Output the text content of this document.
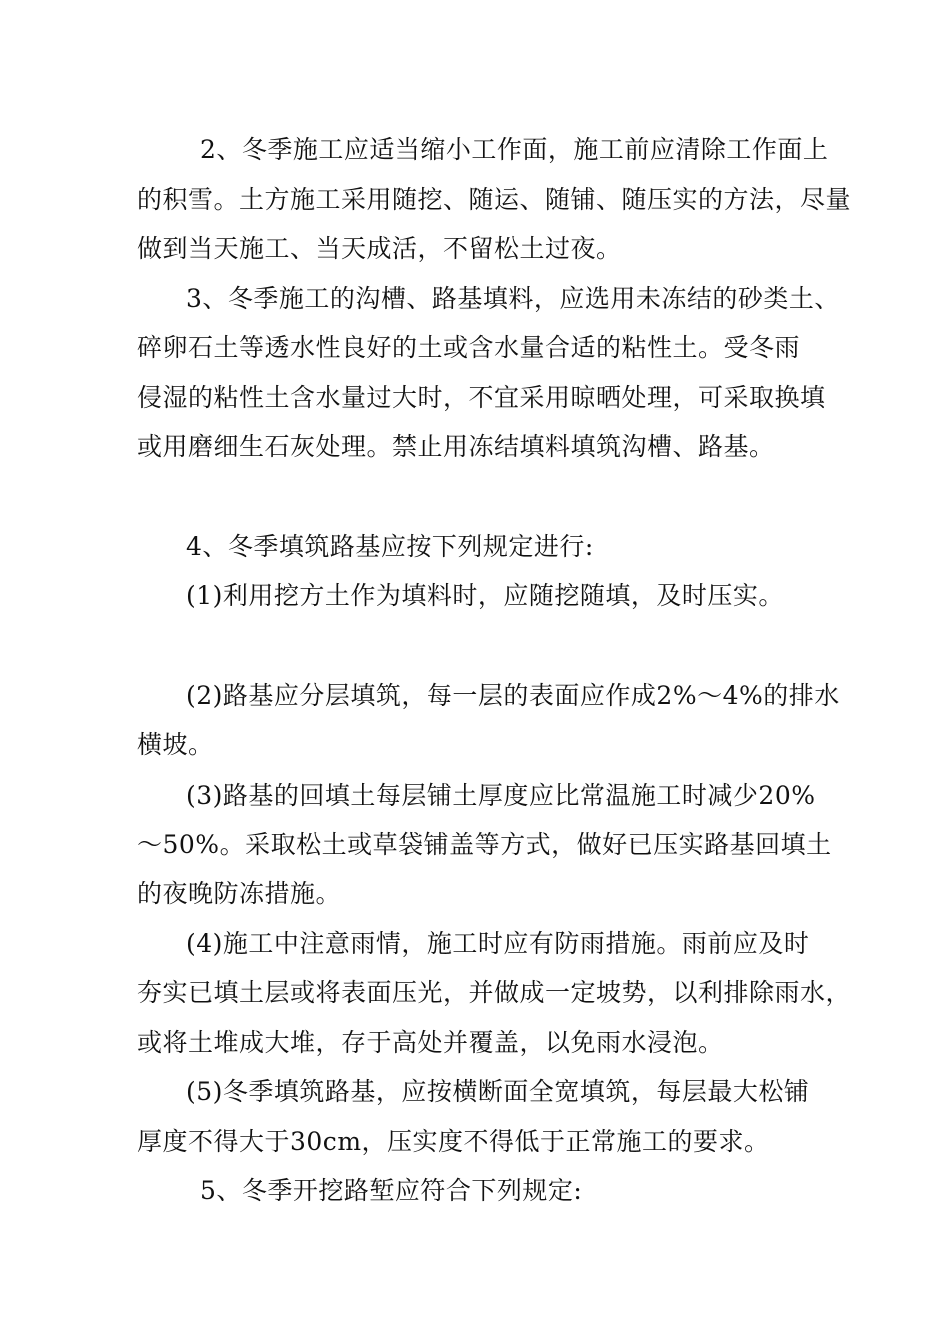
2、冬季施工应适当缩小工作面，施工前应清除工作面上
的积雪。土方施工采用随挖、随运、随铺、随压实的方法，尽量
做到当天施工、当天成活，不留松土过夜。
3、冬季施工的沟槽、路基填料，应选用未冻结的砂类土、
碎卵石土等透水性良好的土或含水量合适的粘性土。受冬雨
侵湿的粘性土含水量过大时，不宜采用晾晒处理，可采取换填
或用磨细生石灰处理。禁止用冻结填料填筑沟槽、路基。
4、冬季填筑路基应按下列规定进行:
(1)利用挖方土作为填料时，应随挖随填，及时压实。
(2)路基应分层填筑，每一层的表面应作成2%～4%的排水
横坡。
(3)路基的回填土每层铺土厚度应比常温施工时减少20%
～50%。采取松土或草袋铺盖等方式，做好已压实路基回填土
的夜晚防冻措施。
(4)施工中注意雨情，施工时应有防雨措施。雨前应及时
夯实已填土层或将表面压光，并做成一定坡势，以利排除雨水，
或将土堆成大堆，存于高处并覆盖，以免雨水浸泡。
(5)冬季填筑路基，应按横断面全宽填筑，每层最大松铺
厚度不得大于30cm，压实度不得低于正常施工的要求。
5、冬季开挖路堑应符合下列规定:
